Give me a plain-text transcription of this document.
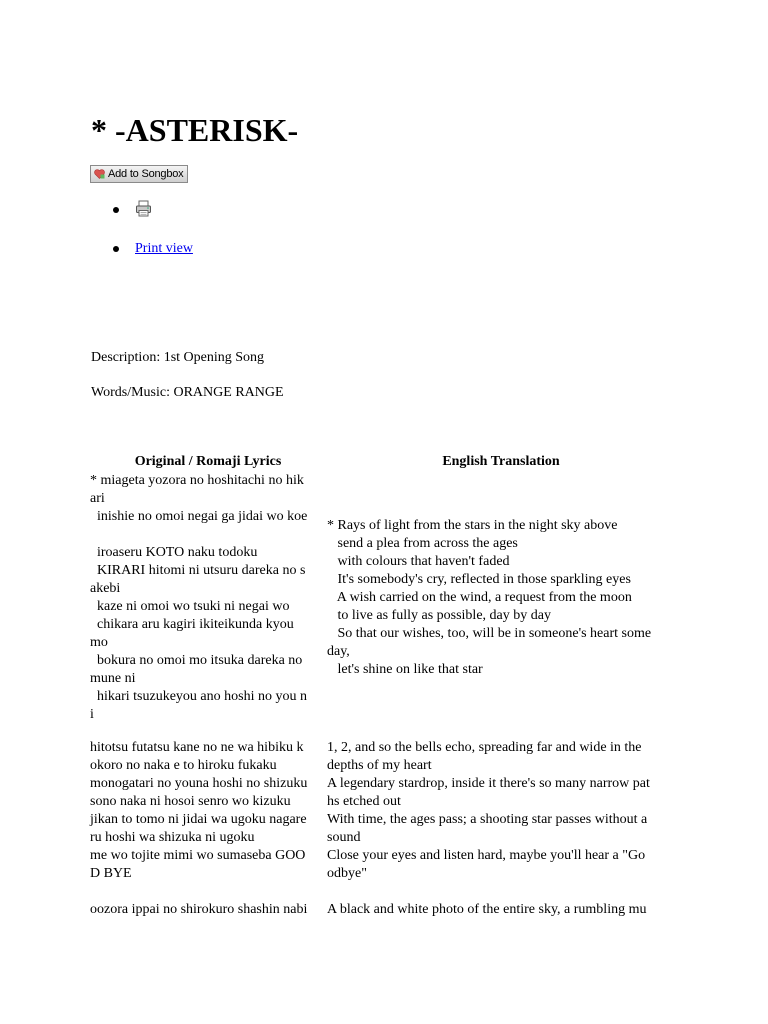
* -ASTERISK-
Add to Songbox
Print view
Description: 1st Opening Song
Words/Music: ORANGE RANGE
Original / Romaji Lyrics	English Translation
* miageta yozora no hoshitachi no hik
ari
inishie no omoi negai ga jidai wo koe
iroaseru KOTO naku todoku
KIRARI hitomi ni utsuru dareka no s
akebi
kaze ni omoi wo tsuki ni negai wo
chikara aru kagiri ikiteikunda kyou
mo
bokura no omoi mo itsuka dareka no
mune ni
hikari tsuzukeyou ano hoshi no you n
i
hitotsu futatsu kane no ne wa hibiku k
okoro no naka e to hiroku fukaku
monogatari no youna hoshi no shizuku
sono naka ni hosoi senro wo kizuku
jikan to tomo ni jidai wa ugoku nagare
ru hoshi wa shizuka ni ugoku
me wo tojite mimi wo sumaseba GOO
D BYE
oozora ippai no shirokuro shashin nabi
* Rays of light from the stars in the night sky above
send a plea from across the ages
with colours that haven't faded
It's somebody's cry, reflected in those sparkling eyes
A wish carried on the wind, a request from the moon
to live as fully as possible, day by day
So that our wishes, too, will be in someone's heart some
day,
let's shine on like that star
1, 2, and so the bells echo, spreading far and wide in the
depths of my heart
A legendary stardrop, inside it there's so many narrow pat
hs etched out
With time, the ages pass; a shooting star passes without a
sound
Close your eyes and listen hard, maybe you'll hear a "Go
odbye"
A black and white photo of the entire sky, a rumbling mu
